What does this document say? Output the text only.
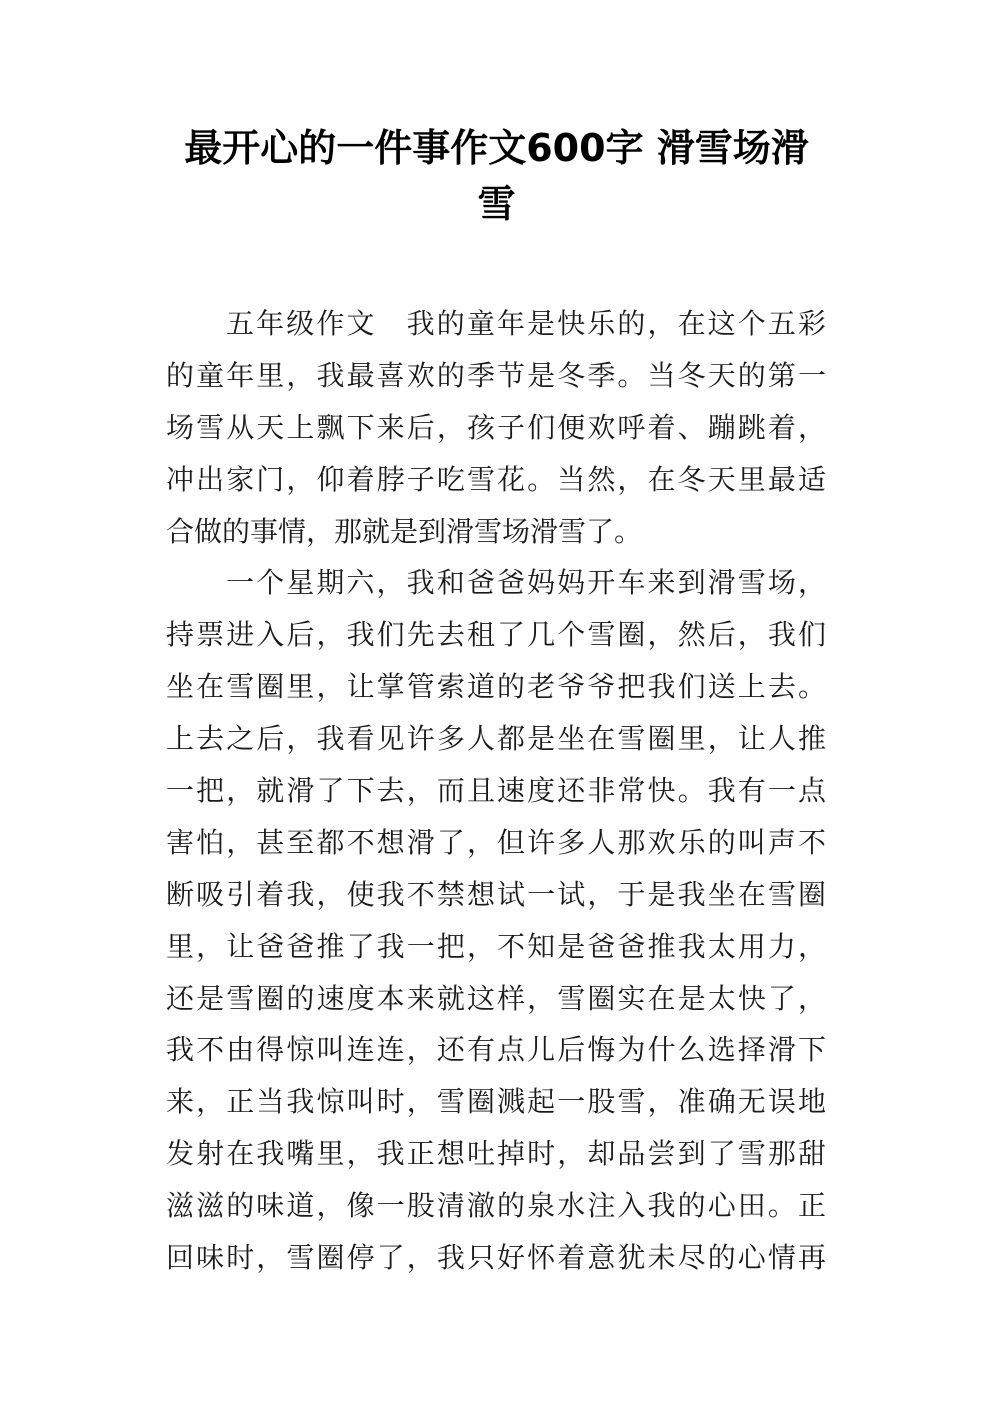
最开心的一件事作文600字 滑雪场滑
雪
五年级作文　我的童年是快乐的，在这个五彩
的童年里，我最喜欢的季节是冬季。当冬天的第一
场雪从天上飘下来后，孩子们便欢呼着、蹦跳着，
冲出家门，仰着脖子吃雪花。当然，在冬天里最适
合做的事情，那就是到滑雪场滑雪了。
一个星期六，我和爸爸妈妈开车来到滑雪场，
持票进入后，我们先去租了几个雪圈，然后，我们
坐在雪圈里，让掌管索道的老爷爷把我们送上去。
上去之后，我看见许多人都是坐在雪圈里，让人推
一把，就滑了下去，而且速度还非常快。我有一点
害怕，甚至都不想滑了，但许多人那欢乐的叫声不
断吸引着我，使我不禁想试一试，于是我坐在雪圈
里，让爸爸推了我一把，不知是爸爸推我太用力，
还是雪圈的速度本来就这样，雪圈实在是太快了，
我不由得惊叫连连，还有点儿后悔为什么选择滑下
来，正当我惊叫时，雪圈溅起一股雪，准确无误地
发射在我嘴里，我正想吐掉时，却品尝到了雪那甜
滋滋的味道，像一股清澈的泉水注入我的心田。正
回味时，雪圈停了，我只好怀着意犹未尽的心情再
